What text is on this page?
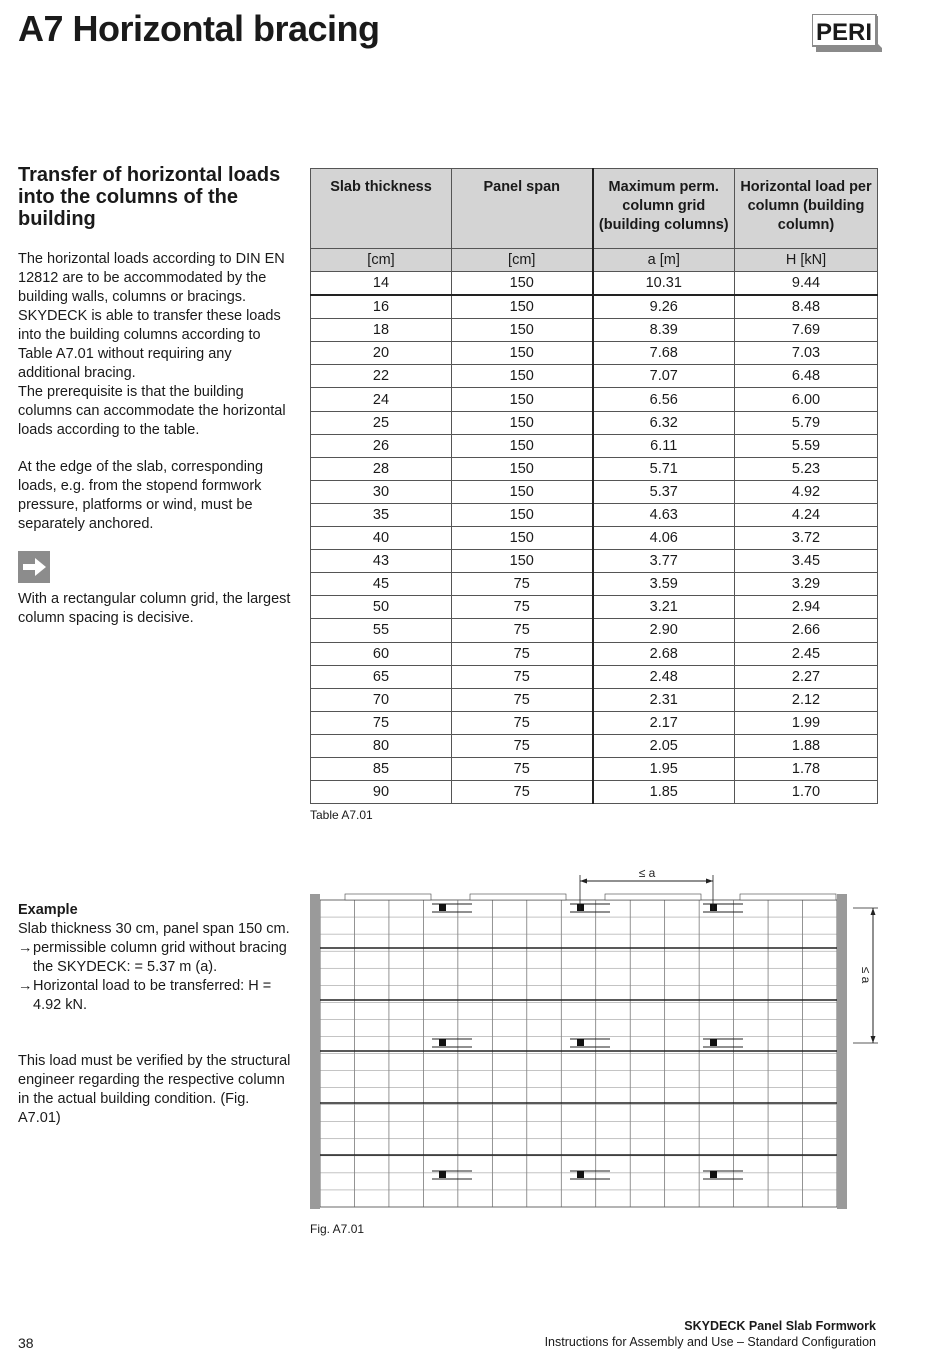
A7 Horizontal bracing	PERI
Transfer of horizontal loads into the columns of the building

The horizontal loads according to DIN EN 12812 are to be accommodated by the building walls, columns or bracings. SKYDECK is able to transfer these loads into the building columns according to Table A7.01 without requiring any additional bracing.
The prerequisite is that the building columns can accommodate the horizontal loads according to the table.

At the edge of the slab, corresponding loads, e.g. from the stopend formwork pressure, platforms or wind, must be separately anchored.

With a rectangular column grid, the largest column spacing is decisive.

Example
Slab thickness 30 cm, panel span 150 cm.
→ permissible column grid without bracing the SKYDECK: = 5.37 m (a).
→ Horizontal load to be transferred: H = 4.92 kN.

This load must be verified by the structural engineer regarding the respective column in the actual building condition. (Fig. A7.01)

Slab thickness	Panel span	Maximum perm. column grid (building columns)	Horizontal load per column (building column)
[cm]	[cm]	a [m]	H [kN]
14	150	10.31	9.44
16	150	9.26	8.48
18	150	8.39	7.69
20	150	7.68	7.03
22	150	7.07	6.48
24	150	6.56	6.00
25	150	6.32	5.79
26	150	6.11	5.59
28	150	5.71	5.23
30	150	5.37	4.92
35	150	4.63	4.24
40	150	4.06	3.72
43	150	3.77	3.45
45	75	3.59	3.29
50	75	3.21	2.94
55	75	2.90	2.66
60	75	2.68	2.45
65	75	2.48	2.27
70	75	2.31	2.12
75	75	2.17	1.99
80	75	2.05	1.88
85	75	1.95	1.78
90	75	1.85	1.70
Table A7.01
≤ a
≤ a
Fig. A7.01
38
SKYDECK Panel Slab Formwork
Instructions for Assembly and Use – Standard Configuration
